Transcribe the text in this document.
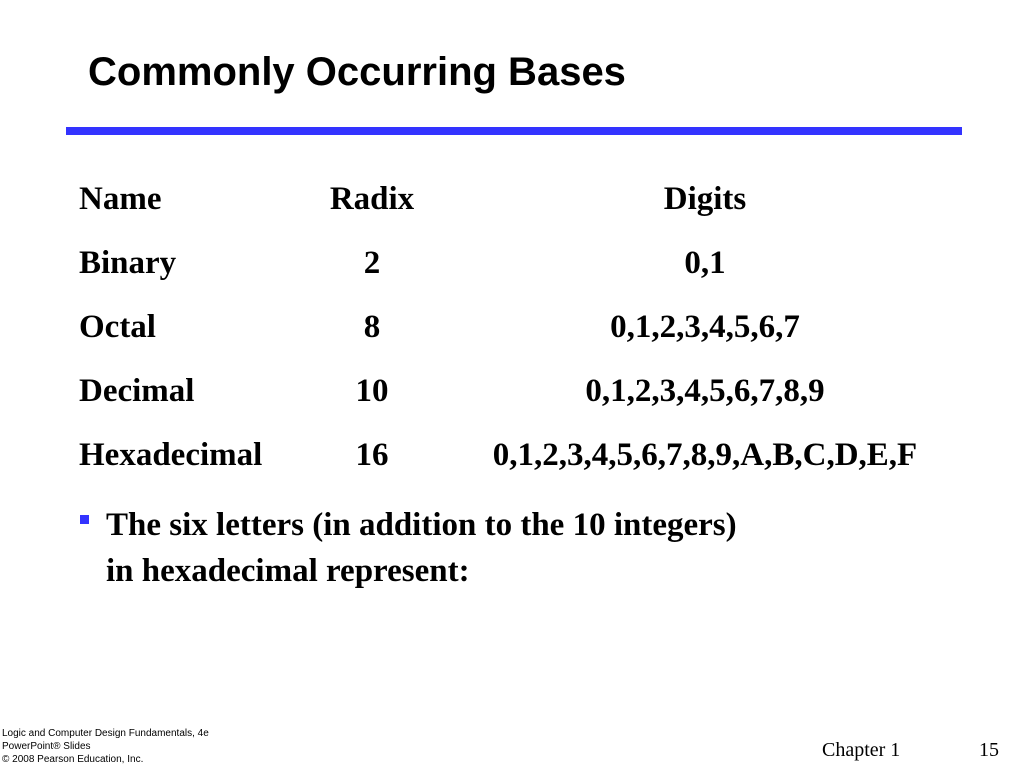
Commonly Occurring Bases
Name	Radix	Digits
Binary	2	0,1
Octal	8	0,1,2,3,4,5,6,7
Decimal	10	0,1,2,3,4,5,6,7,8,9
Hexadecimal	16	0,1,2,3,4,5,6,7,8,9,A,B,C,D,E,F
The six letters (in addition to the 10 integers) in hexadecimal represent:
Logic and Computer Design Fundamentals, 4e
PowerPoint® Slides
© 2008 Pearson Education, Inc.	Chapter 1	15
